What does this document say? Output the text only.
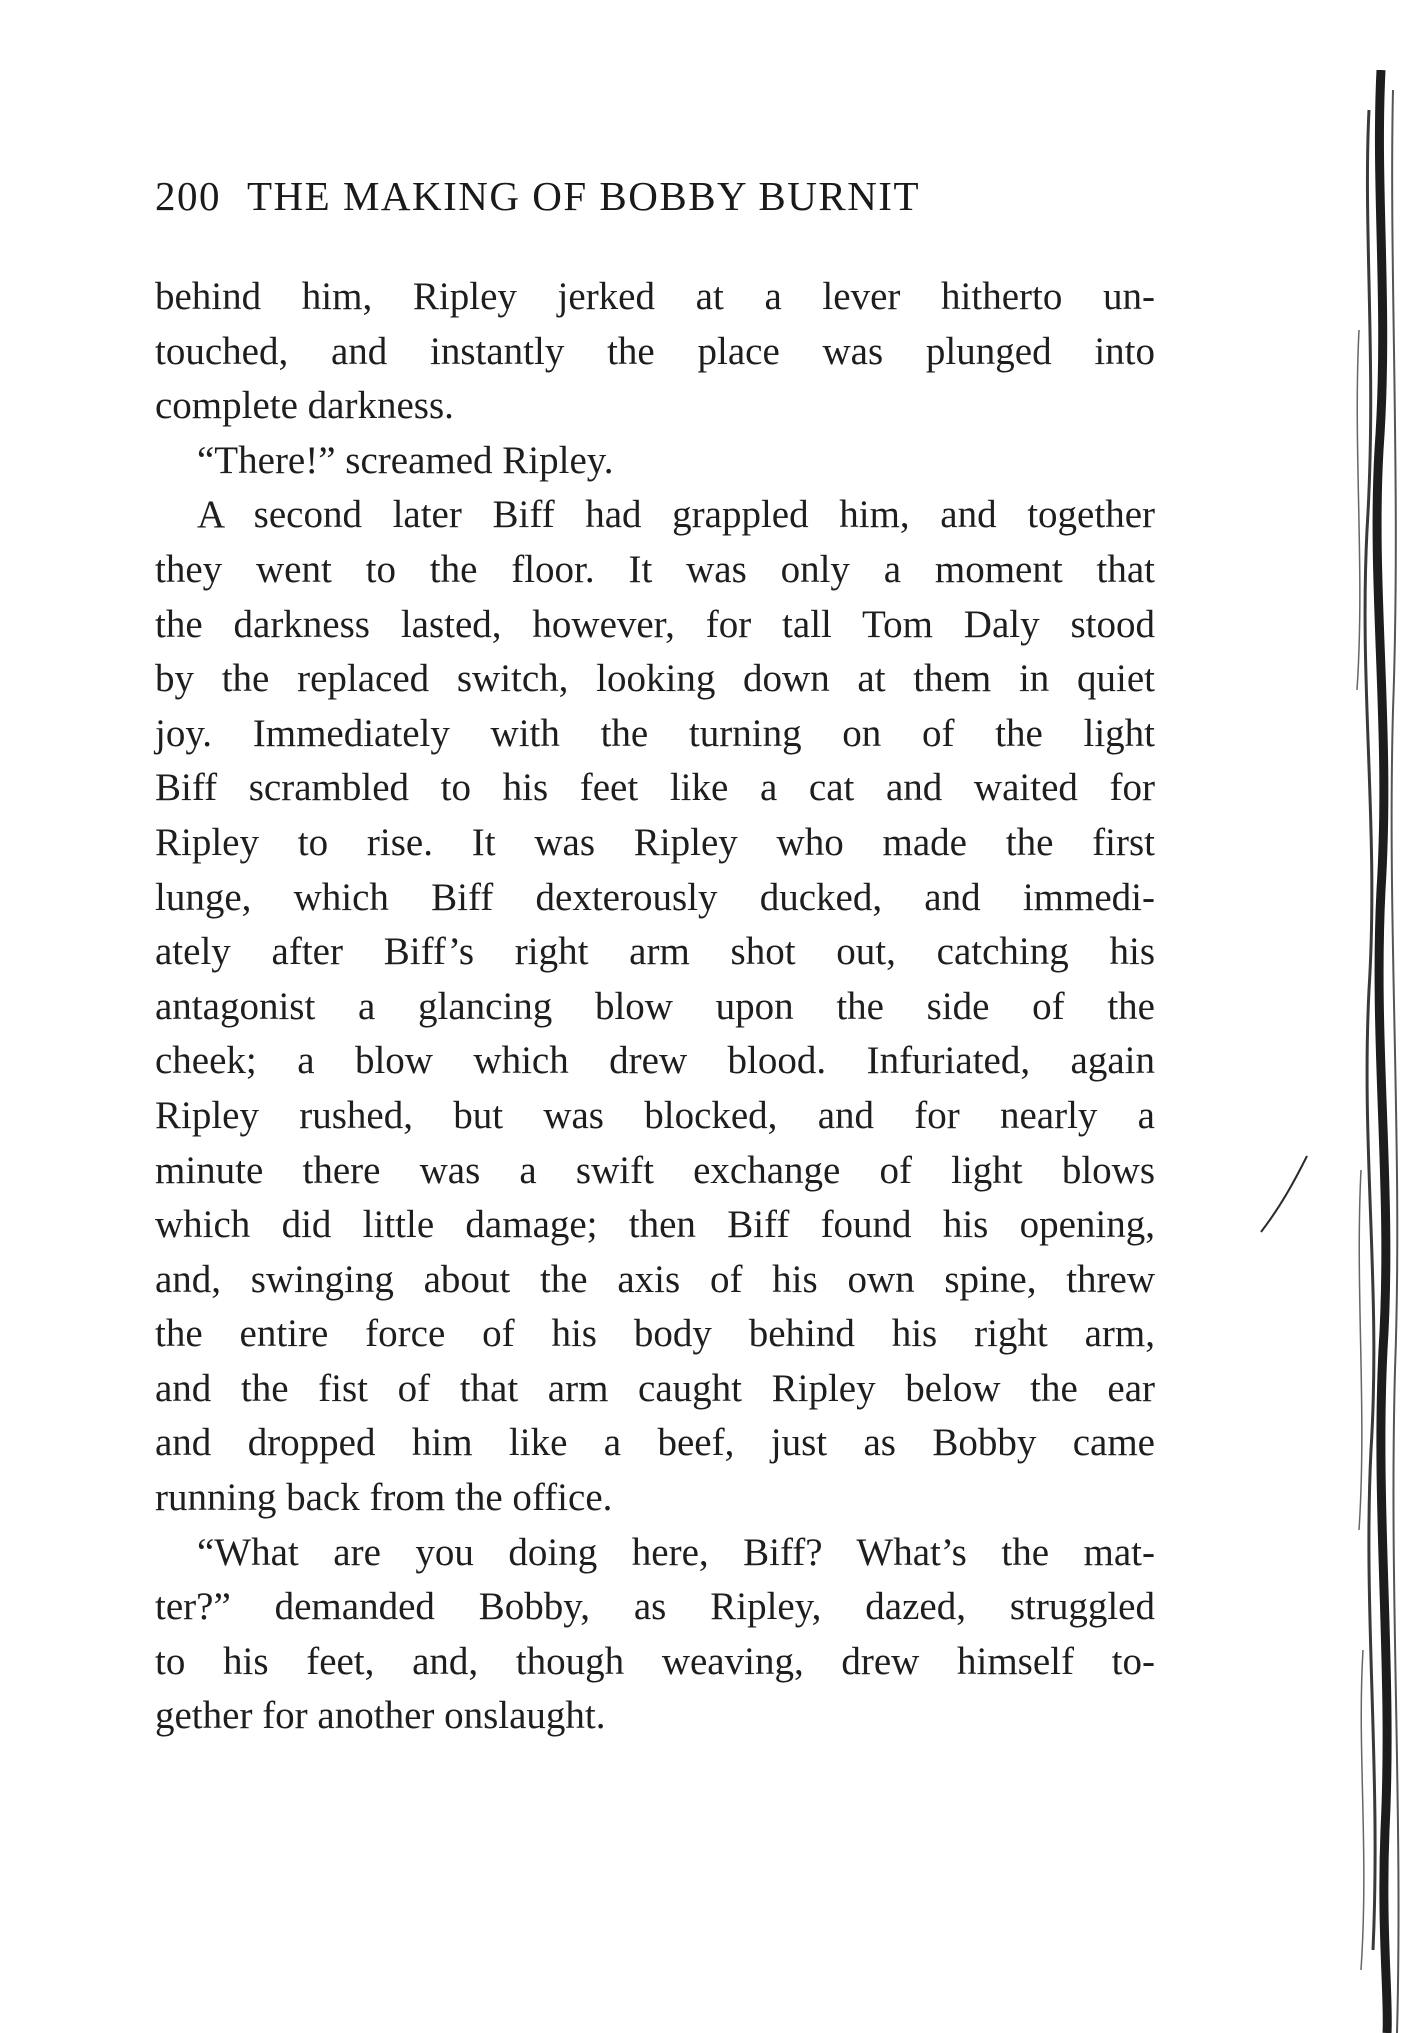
200 THE MAKING OF BOBBY BURNIT
behind him, Ripley jerked at a lever hitherto un-
touched, and instantly the place was plunged into
complete darkness.
“There!” screamed Ripley.
A second later Biff had grappled him, and together
they went to the floor. It was only a moment that
the darkness lasted, however, for tall Tom Daly stood
by the replaced switch, looking down at them in quiet
joy. Immediately with the turning on of the light
Biff scrambled to his feet like a cat and waited for
Ripley to rise. It was Ripley who made the first
lunge, which Biff dexterously ducked, and immedi-
ately after Biff’s right arm shot out, catching his
antagonist a glancing blow upon the side of the
cheek; a blow which drew blood. Infuriated, again
Ripley rushed, but was blocked, and for nearly a
minute there was a swift exchange of light blows
which did little damage; then Biff found his opening,
and, swinging about the axis of his own spine, threw
the entire force of his body behind his right arm,
and the fist of that arm caught Ripley below the ear
and dropped him like a beef, just as Bobby came
running back from the office.
“What are you doing here, Biff? What’s the mat-
ter?” demanded Bobby, as Ripley, dazed, struggled
to his feet, and, though weaving, drew himself to-
gether for another onslaught.
